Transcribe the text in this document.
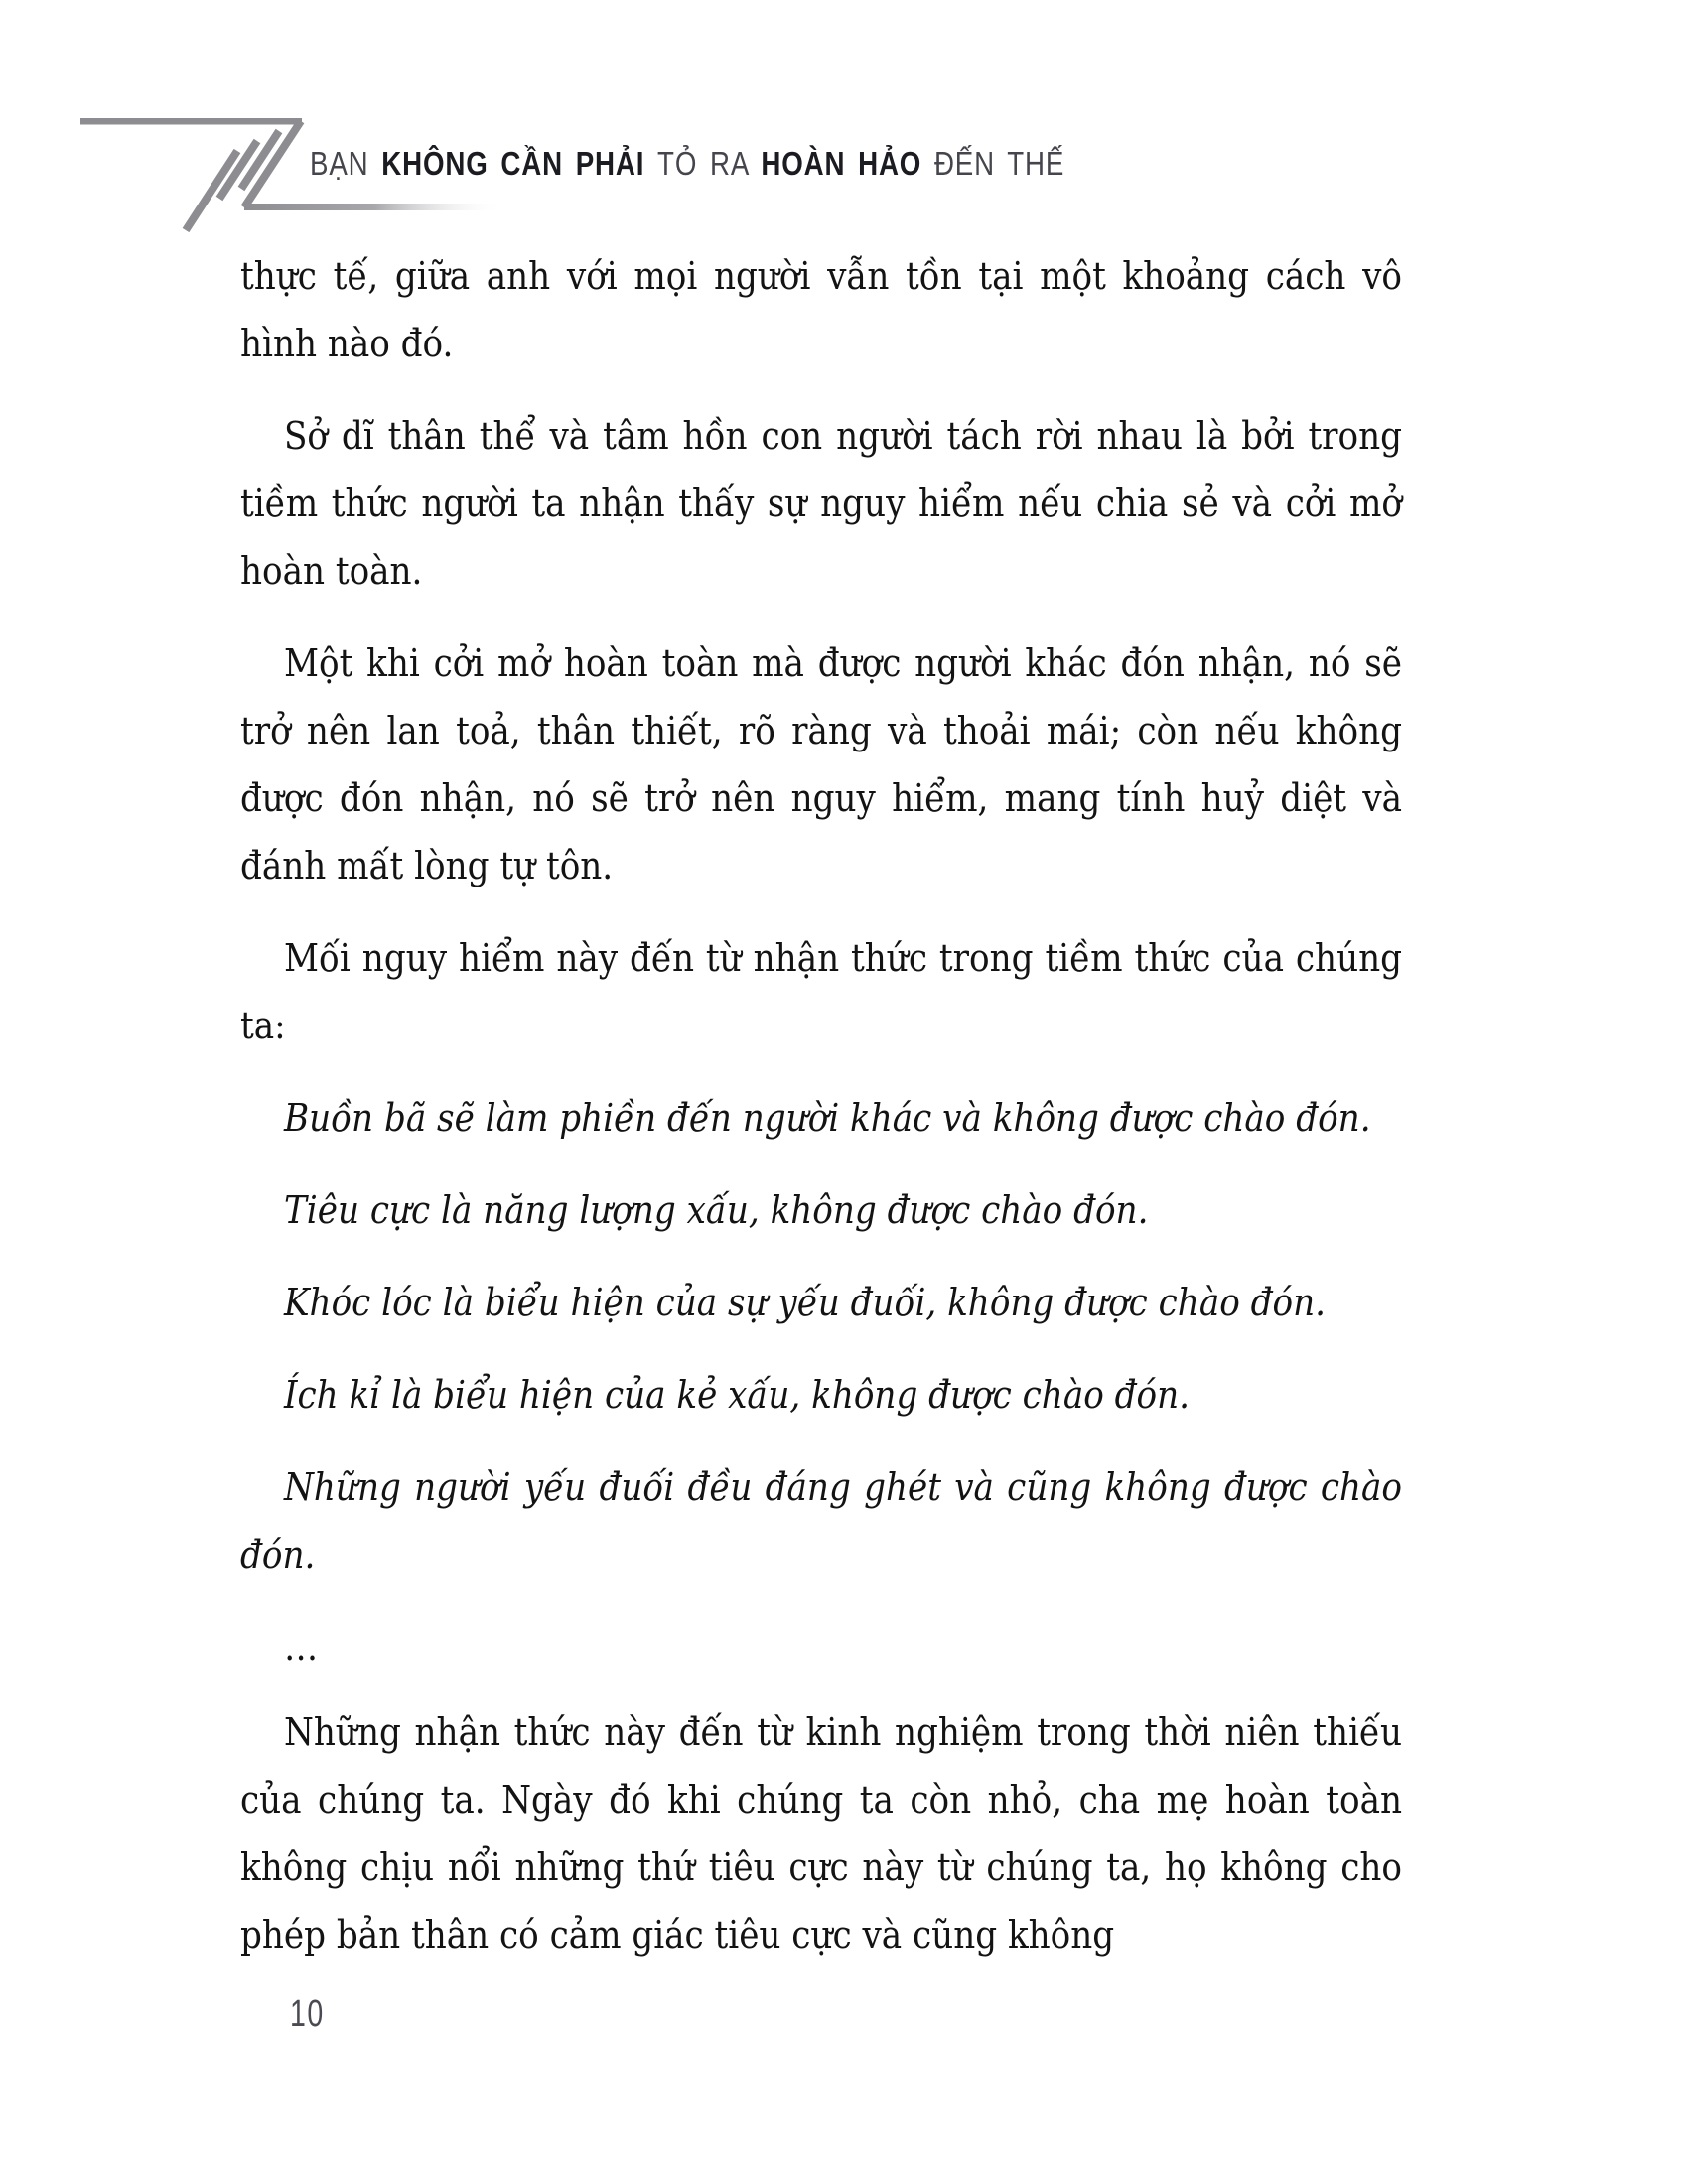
BẠN KHÔNG CẦN PHẢI TỎ RA HOÀN HẢO ĐẾN THẾ

thực tế, giữa anh với mọi người vẫn tồn tại một khoảng cách vô hình nào đó.

Sở dĩ thân thể và tâm hồn con người tách rời nhau là bởi trong tiềm thức người ta nhận thấy sự nguy hiểm nếu chia sẻ và cởi mở hoàn toàn.

Một khi cởi mở hoàn toàn mà được người khác đón nhận, nó sẽ trở nên lan toả, thân thiết, rõ ràng và thoải mái; còn nếu không được đón nhận, nó sẽ trở nên nguy hiểm, mang tính huỷ diệt và đánh mất lòng tự tôn.

Mối nguy hiểm này đến từ nhận thức trong tiềm thức của chúng ta:

Buồn bã sẽ làm phiền đến người khác và không được chào đón.

Tiêu cực là năng lượng xấu, không được chào đón.

Khóc lóc là biểu hiện của sự yếu đuối, không được chào đón.

Ích kỉ là biểu hiện của kẻ xấu, không được chào đón.

Những người yếu đuối đều đáng ghét và cũng không được chào đón.

…

Những nhận thức này đến từ kinh nghiệm trong thời niên thiếu của chúng ta. Ngày đó khi chúng ta còn nhỏ, cha mẹ hoàn toàn không chịu nổi những thứ tiêu cực này từ chúng ta, họ không cho phép bản thân có cảm giác tiêu cực và cũng không

10
